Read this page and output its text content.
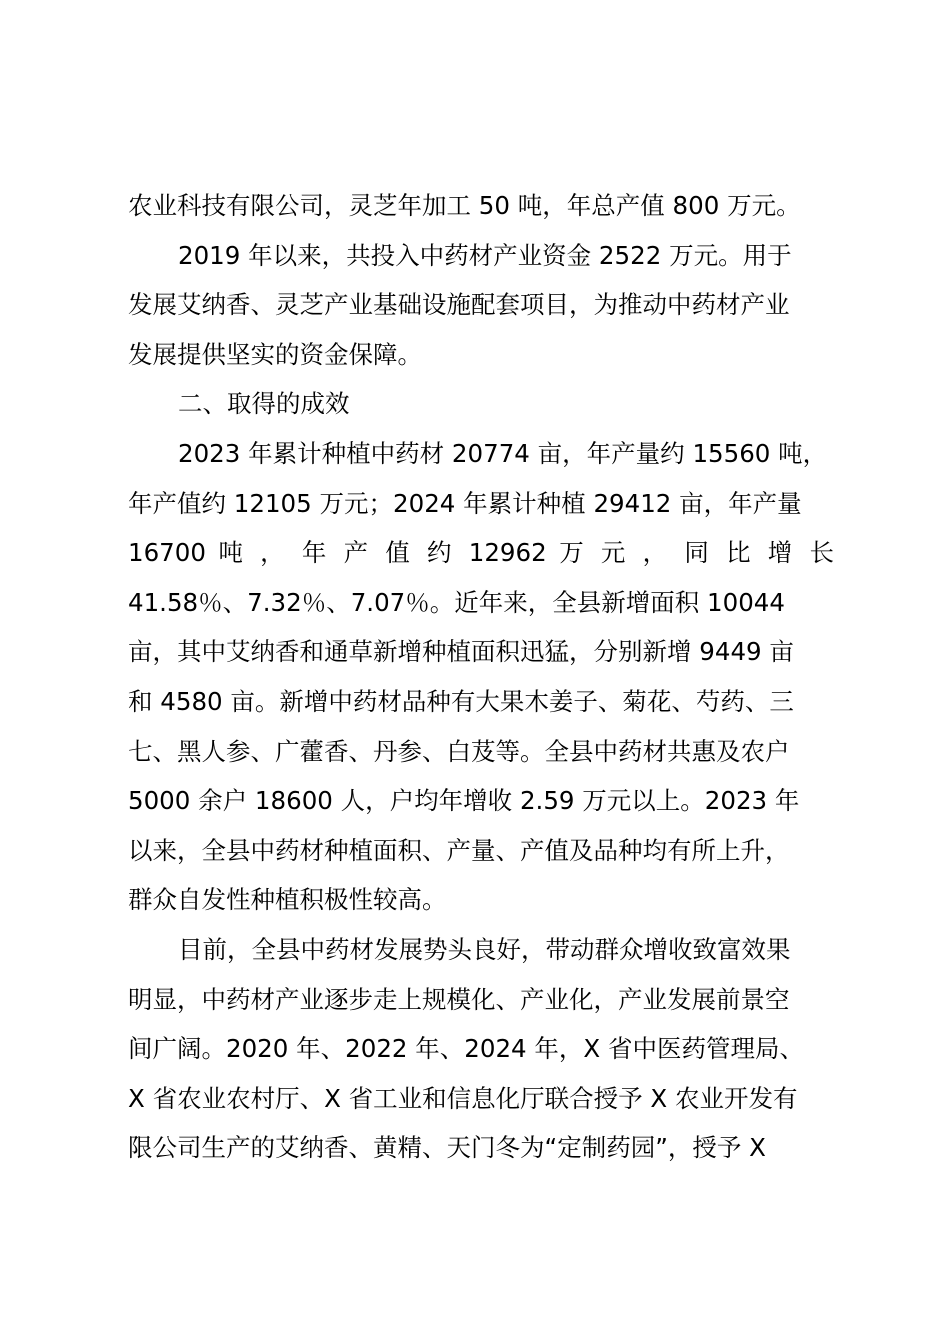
农业科技有限公司，灵芝年加工 50 吨，年总产值 800 万元。
2019 年以来，共投入中药材产业资金 2522 万元。用于
发展艾纳香、灵芝产业基础设施配套项目，为推动中药材产业
发展提供坚实的资金保障。
二、取得的成效
2023 年累计种植中药材 20774 亩，年产量约 15560 吨，
年产值约 12105 万元；2024 年累计种植 29412 亩，年产量
16700 吨 ， 年 产 值 约 12962 万 元 ， 同 比 增 长
41.58％、7.32％、7.07％。近年来，全县新增面积 10044
亩，其中艾纳香和通草新增种植面积迅猛，分别新增 9449 亩
和 4580 亩。新增中药材品种有大果木姜子、菊花、芍药、三
七、黑人参、广藿香、丹参、白芨等。全县中药材共惠及农户
5000 余户 18600 人，户均年增收 2.59 万元以上。2023 年
以来，全县中药材种植面积、产量、产值及品种均有所上升，
群众自发性种植积极性较高。
目前，全县中药材发展势头良好，带动群众增收致富效果
明显，中药材产业逐步走上规模化、产业化，产业发展前景空
间广阔。2020 年、2022 年、2024 年，X 省中医药管理局、
X 省农业农村厅、X 省工业和信息化厅联合授予 X 农业开发有
限公司生产的艾纳香、黄精、天门冬为“定制药园”，授予 X
